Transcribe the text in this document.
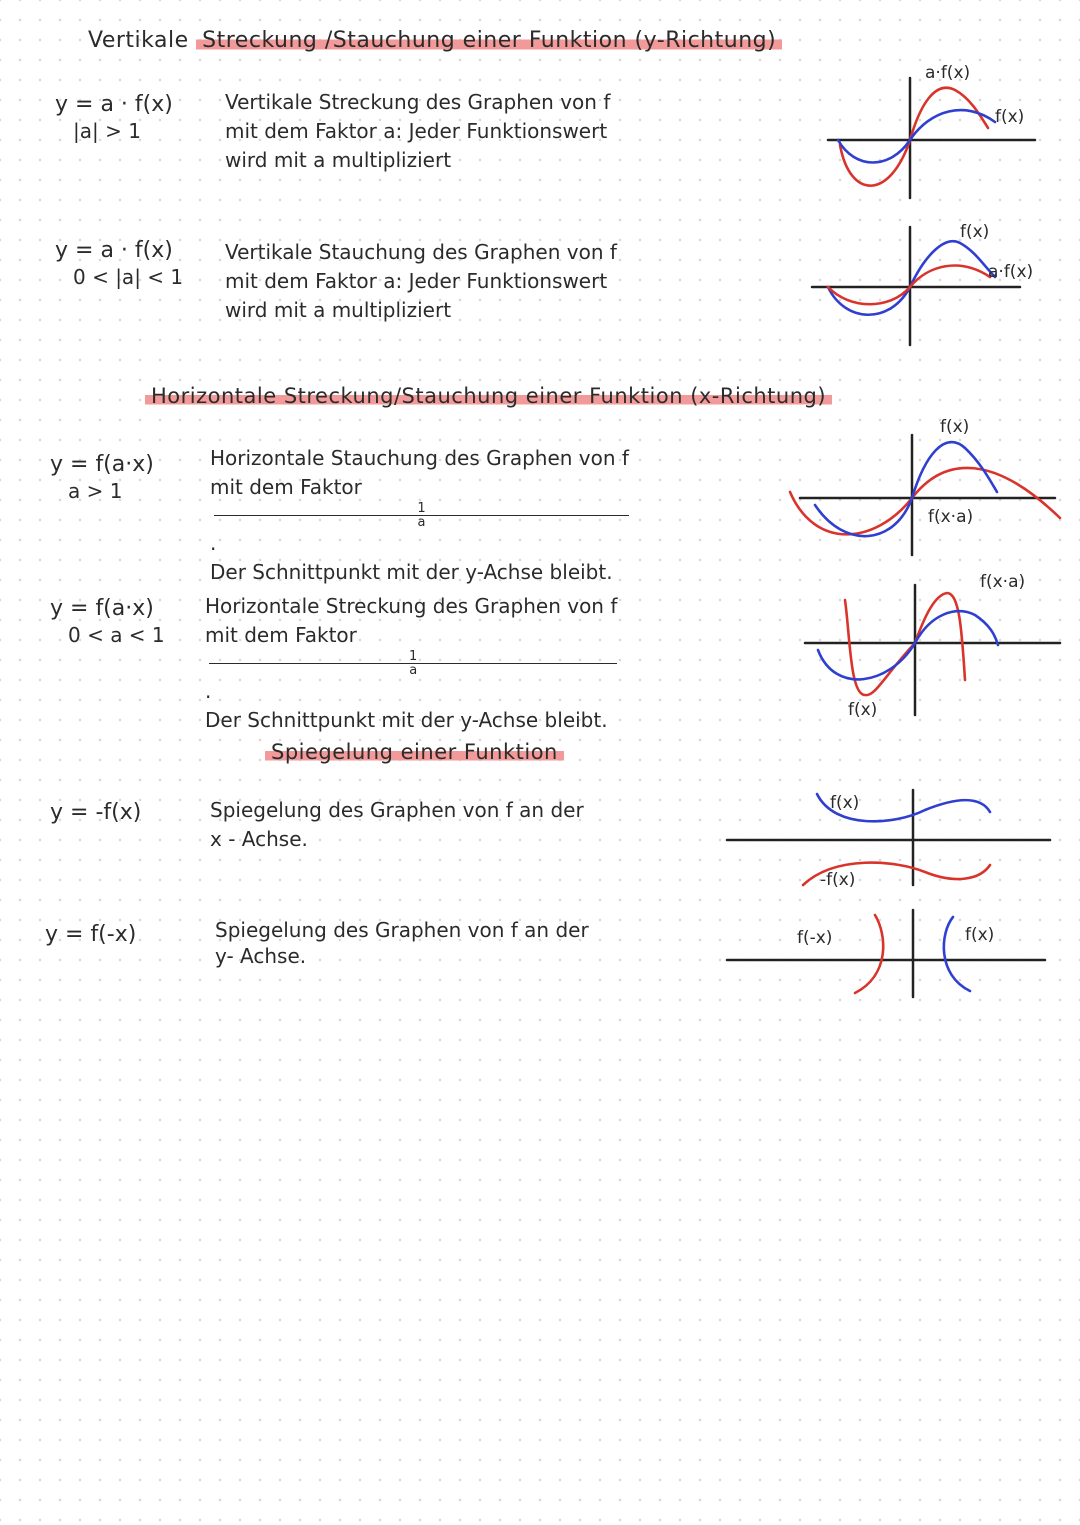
Vertikale Streckung /Stauchung einer Funktion (y-Richtung)
y = a · f(x)
|a| > 1
Vertikale Streckung des Graphen von f
mit dem Faktor a: Jeder Funktionswert
wird mit a multipliziert
a·f(x)
f(x)
y = a · f(x)
0 < |a| < 1
Vertikale Stauchung des Graphen von f
mit dem Faktor a: Jeder Funktionswert
wird mit a multipliziert
f(x)
a·f(x)
Horizontale Streckung/Stauchung einer Funktion (x-Richtung)
y = f(a·x)
a > 1
Horizontale Stauchung des Graphen von f
mit dem Faktor
1
a
.
Der Schnittpunkt mit der y-Achse bleibt.
f(x)
f(x·a)
y = f(a·x)
0 < a < 1
Horizontale Streckung des Graphen von f
mit dem Faktor
1
a
.
Der Schnittpunkt mit der y-Achse bleibt.
f(x·a)
f(x)
Spiegelung einer Funktion
y = -f(x)	Spiegelung des Graphen von f an der
x - Achse.
f(x)
-f(x)
y = f(-x)	Spiegelung des Graphen von f an der
y- Achse.
f(-x)	f(x)
